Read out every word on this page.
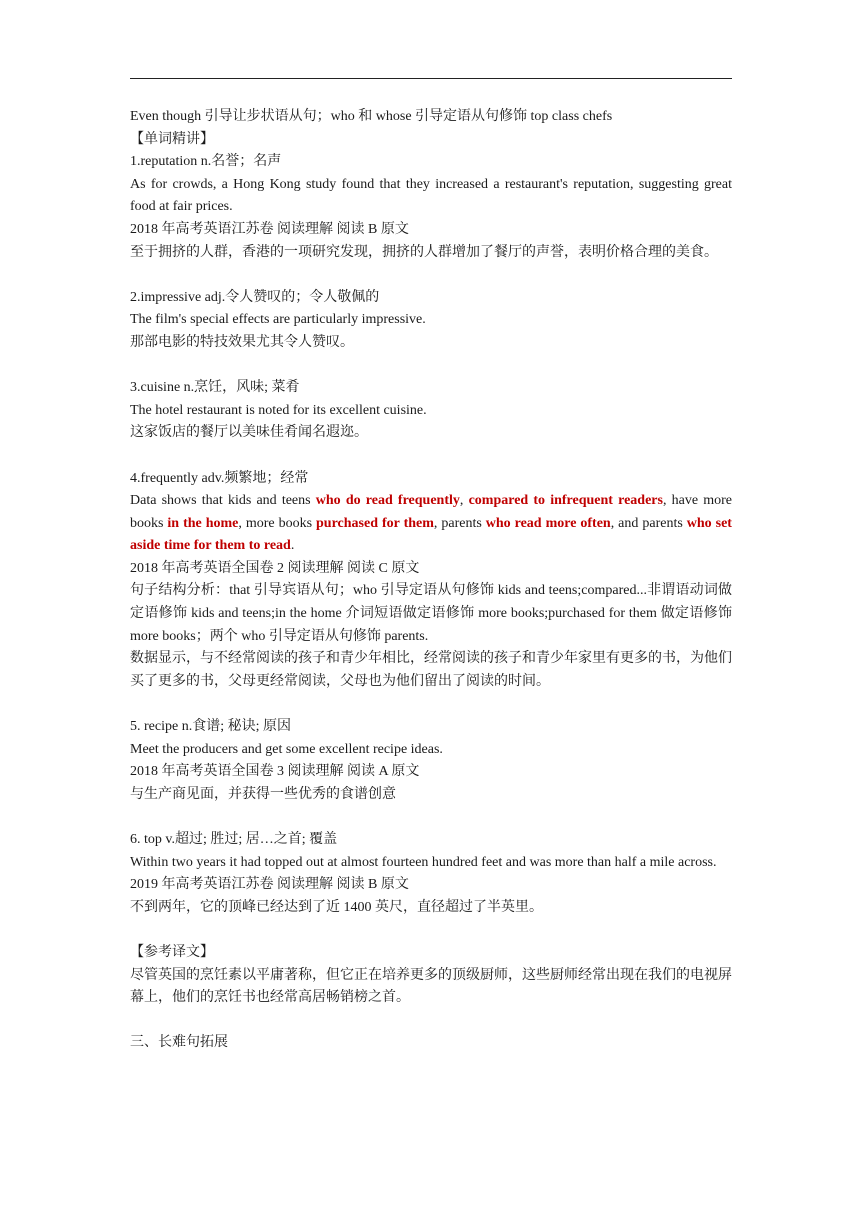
Even though 引导让步状语从句；who 和 whose 引导定语从句修饰 top class chefs

【单词精讲】

1.reputation n.名誉；名声

As for crowds, a Hong Kong study found that they increased a restaurant's reputation, suggesting great food at fair prices.

2018 年高考英语江苏卷 阅读理解 阅读 B 原文

至于拥挤的人群，香港的一项研究发现，拥挤的人群增加了餐厅的声誉，表明价格合理的美食。

2.impressive adj.令人赞叹的；令人敬佩的

The film's special effects are particularly impressive.

那部电影的特技效果尤其令人赞叹。

3.cuisine n.烹饪，风味; 菜肴

The hotel restaurant is noted for its excellent cuisine.

这家饭店的餐厅以美味佳肴闻名遐迩。

4.frequently adv.频繁地；经常

Data shows that kids and teens who do read frequently, compared to infrequent readers, have more books in the home, more books purchased for them, parents who read more often, and parents who set aside time for them to read.

2018 年高考英语全国卷 2 阅读理解 阅读 C 原文

句子结构分析：that 引导宾语从句；who 引导定语从句修饰 kids and teens;compared...非谓语动词做定语修饰 kids and teens;in the home 介词短语做定语修饰 more books;purchased for them 做定语修饰 more books；两个 who 引导定语从句修饰 parents.

数据显示，与不经常阅读的孩子和青少年相比，经常阅读的孩子和青少年家里有更多的书，为他们买了更多的书，父母更经常阅读，父母也为他们留出了阅读的时间。

5. recipe n.食谱; 秘诀; 原因

Meet the producers and get some excellent recipe ideas.

2018 年高考英语全国卷 3 阅读理解 阅读 A 原文

与生产商见面，并获得一些优秀的食谱创意

6. top v.超过; 胜过; 居…之首; 覆盖

Within two years it had topped out at almost fourteen hundred feet and was more than half a mile across.

2019 年高考英语江苏卷 阅读理解 阅读 B 原文

不到两年，它的顶峰已经达到了近 1400 英尺，直径超过了半英里。

【参考译文】

尽管英国的烹饪素以平庸著称，但它正在培养更多的顶级厨师，这些厨师经常出现在我们的电视屏幕上，他们的烹饪书也经常高居畅销榜之首。

三、长难句拓展
